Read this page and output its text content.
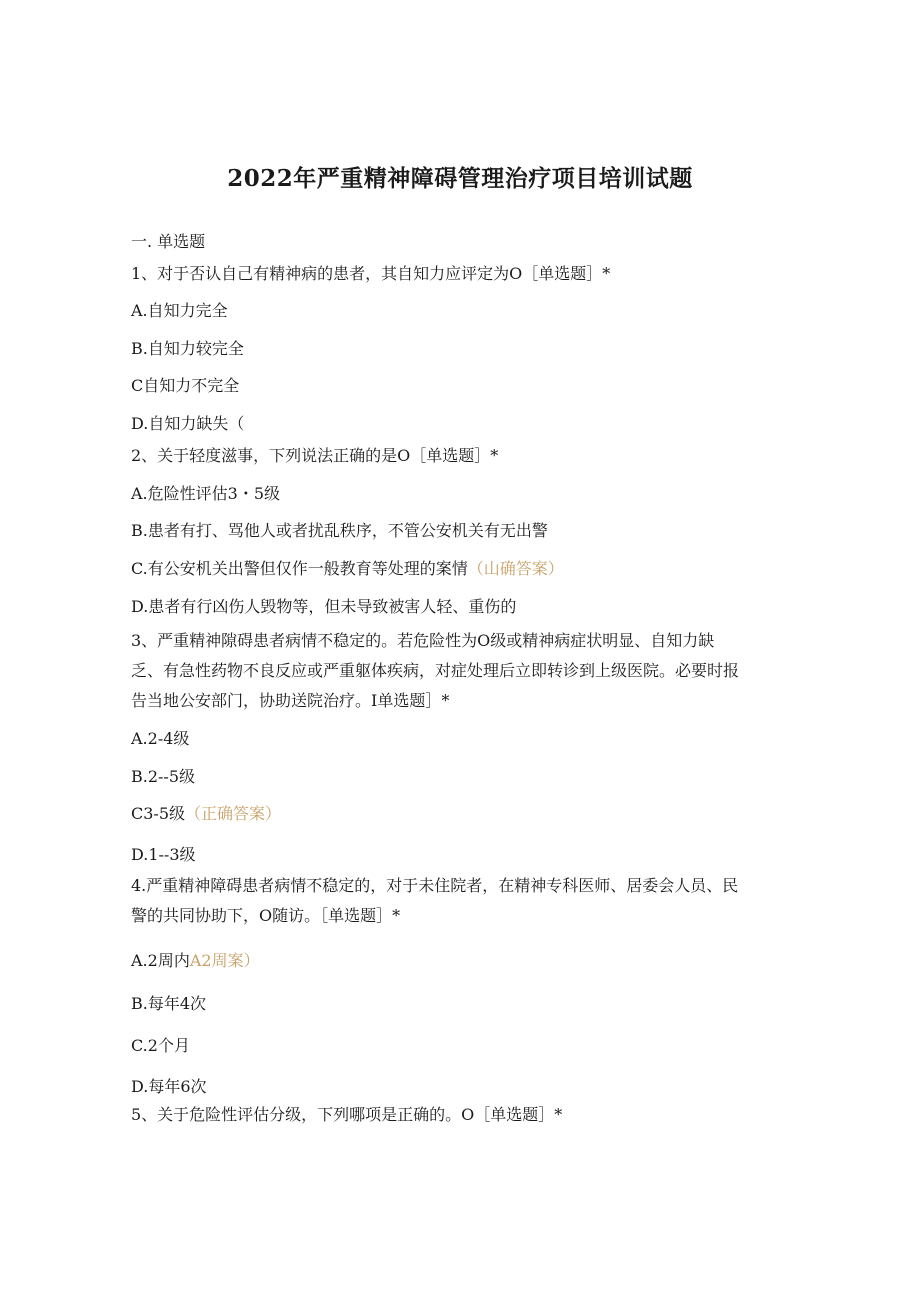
2022年严重精神障碍管理治疗项目培训试题
一. 单选题
1、对于否认自己有精神病的患者，其自知力应评定为O［单选题］*
A.自知力完全
B.自知力较完全
C自知力不完全
D.自知力缺失（
2、关于轻度滋事，下列说法正确的是O［单选题］*
A.危险性评估3・5级
B.患者有打、骂他人或者扰乱秩序，不管公安机关有无出警
C.有公安机关出警但仅作一般教育等处理的案情（山确答案）
D.患者有行凶伤人毁物等，但未导致被害人轻、重伤的
3、严重精神隙碍患者病情不稳定的。若危险性为O级或精神病症状明显、自知力缺
乏、有急性药物不良反应或严重躯体疾病，对症处理后立即转诊到上级医院。必要时报
告当地公安部门，协助送院治疗。I单选题］*
A.2-4级
B.2--5级
C3-5级（正确答案）
D.1--3级
4.严重精神障碍患者病情不稳定的，对于未住院者，在精神专科医师、居委会人员、民
警的共同协助下，O随访。［单选题］*
A.2周内A2周案）
B.每年4次
C.2个月
D.每年6次
5、关于危险性评估分级，下列哪项是正确的。O［单选题］*
